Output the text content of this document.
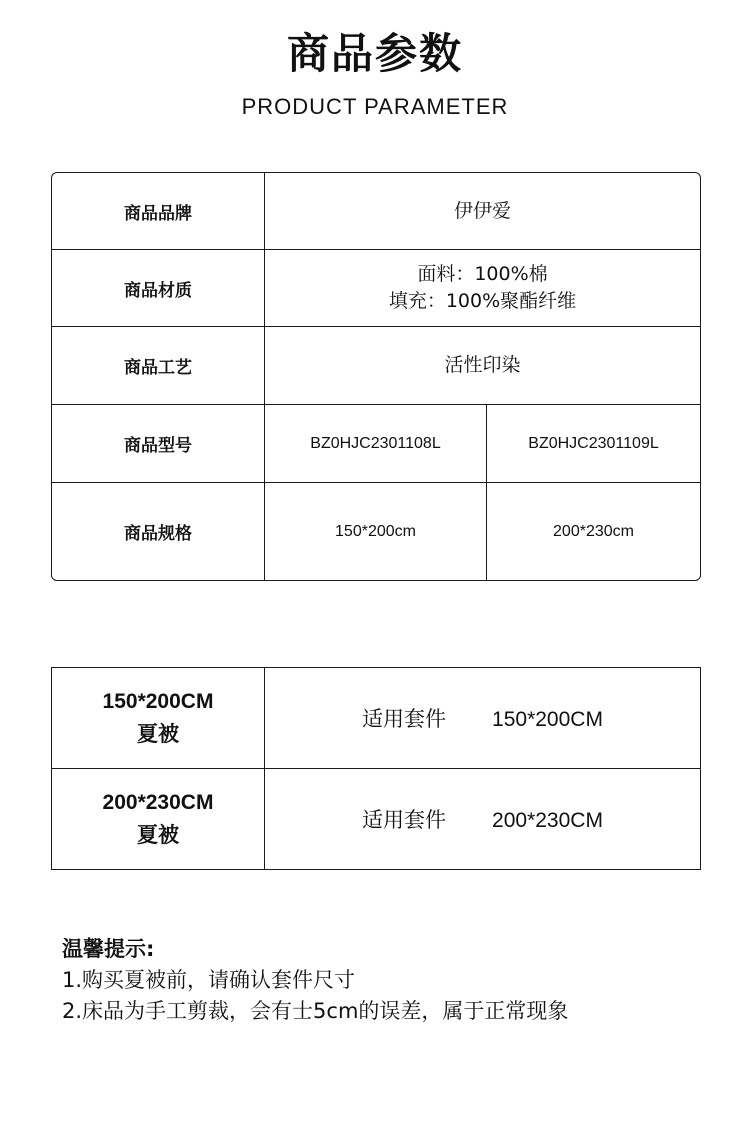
商品参数
PRODUCT PARAMETER
商品品牌	伊伊爱	
商品材质	面料：100%棉
填充：100%聚酯纤维	

商品工艺	活性印染	
商品型号	BZ0HJC2301108L	BZ0HJC2301109L
商品规格	150*200cm	200*230cm
150*200CM
夏被	适用套件 150*200CM

200*230CM
夏被	适用套件 200*230CM
温馨提示:
1.购买夏被前，请确认套件尺寸
2.床品为手工剪裁，会有士5cm的误差，属于正常现象
